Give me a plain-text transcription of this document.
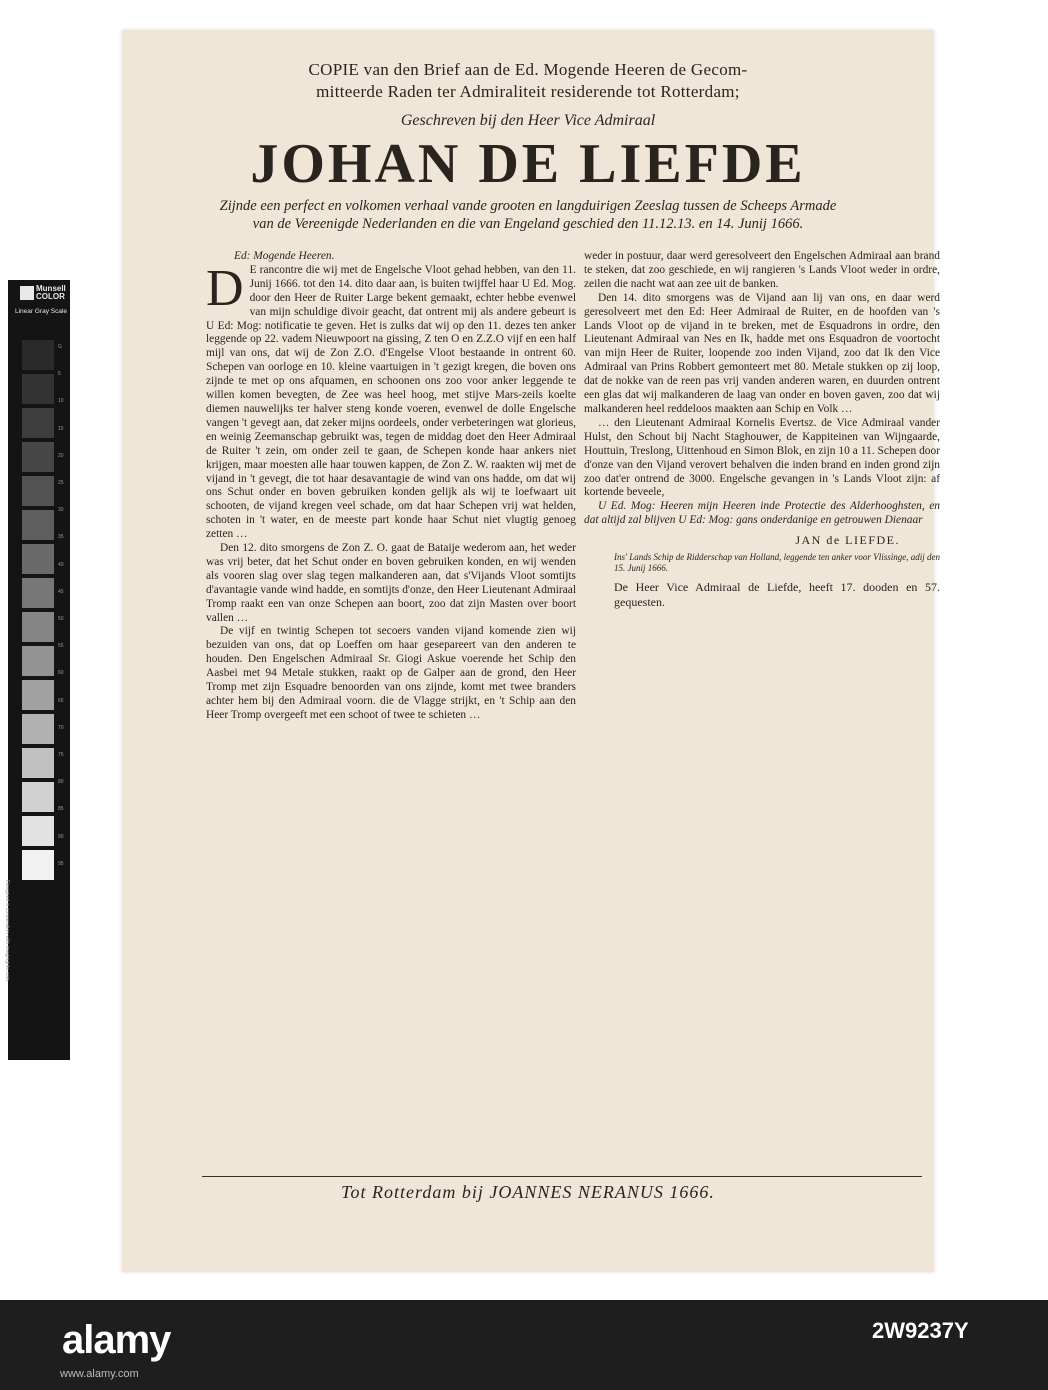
Munsell COLOR
Linear Gray Scale
G
5
10
15
20
25
30
35
40
45
50
55
60
65
70
75
80
85
90
95
Designed in cooperation with imagingrite.com
COPIE van den Brief aan de Ed. Mogende Heeren de Gecom-
mitteerde Raden ter Admiraliteit residerende tot Rotterdam;
Geschreven bij den Heer Vice Admiraal
JOHAN DE LIEFDE
Zijnde een perfect en volkomen verhaal vande grooten en langduirigen Zeeslag tussen de Scheeps Armade
van de Vereenigde Nederlanden en die van Engeland geschied den 11.12.13. en 14. Junij 1666.
Ed: Mogende Heeren.
D E rancontre die wij met de Engelsche Vloot gehad hebben, van den 11. Junij 1666. tot den 14. dito daar aan, is buiten twijffel haar U Ed. Mog. door den Heer de Ruiter Large bekent gemaakt, echter hebbe evenwel van mijn schuldige divoir geacht, dat ontrent mij als andere gebeurt is U Ed: Mog: notificatie te geven. Het is zulks dat wij op den 11. dezes ten anker leggende op 22. vadem Nieuwpoort na gissing, Z ten O en Z.Z.O vijf en een half mijl van ons, dat wij de Zon Z.O. d'Engelse Vloot bestaande in ontrent 60. Schepen van oorloge en 10. kleine vaartuigen in 't gezigt kregen, die boven ons zijnde te met op ons afquamen, en schoonen ons zoo voor anker leggende te willen komen bevegten, de Zee was heel hoog, met stijve Mars-zeils koelte diemen nauwelijks ter halver steng konde voeren, evenwel de dolle Engelsche vangen 't gevegt aan, dat zeker mijns oordeels, onder verbeteringen wat glorieus, en weinig Zeemanschap gebruikt was, tegen de middag doet den Heer Admiraal de Ruiter 't zein, om onder zeil te gaan, de Schepen konde haar ankers niet krijgen, maar moesten alle haar touwen kappen, de Zon Z. W. raakten wij met de vijand in 't gevegt, die tot haar desavantagie de wind van ons hadde, om dat wij ons Schut onder en boven gebruiken konden gelijk als wij te loefwaart uit schooten, de vijand kregen veel schade, om dat haar Schepen vrij wat helden, schoten in 't water, en de meeste part konde haar Schut niet vlugtig genoeg zetten …

Den 12. dito smorgens de Zon Z. O. gaat de Bataije wederom aan, het weder was vrij beter, dat het Schut onder en boven gebruiken konden, en wij wenden als vooren slag over slag tegen malkanderen aan, dat s'Vijands Vloot somtijts d'avantagie vande wind hadde, en somtijts d'onze, den Heer Lieutenant Admiraal Tromp raakt een van onze Schepen aan boort, zoo dat zijn Masten over boort vallen …

De vijf en twintig Schepen tot secoers vanden vijand komende zien wij bezuiden van ons, dat op Loeffen om haar gesepareert van den anderen te houden. Den Engelschen Admiraal Sr. Giogi Askue voerende het Schip den Aasbei met 94 Metale stukken, raakt op de Galper aan de grond, den Heer Tromp met zijn Esquadre benoorden van ons zijnde, komt met twee branders achter hem bij den Admiraal voorn. die de Vlagge strijkt, en 't Schip aan den Heer Tromp overgeeft met een schoot of twee te schieten …

weder in postuur, daar werd geresolveert den Engelschen Admiraal aan brand te steken, dat zoo geschiede, en wij rangieren 's Lands Vloot weder in ordre, zeilen die nacht wat aan zee uit de banken.

Den 14. dito smorgens was de Vijand aan lij van ons, en daar werd geresolveert met den Ed: Heer Admiraal de Ruiter, en de hoofden van 's Lands Vloot op de vijand in te breken, met de Esquadrons in ordre, den Lieutenant Admiraal van Nes en Ik, hadde met ons Esquadron de voortocht van mijn Heer de Ruiter, loopende zoo inden Vijand, zoo dat Ik den Vice Admiraal van Prins Robbert gemonteert met 80. Metale stukken op zij loop, dat de nokke van de reen pas vrij vanden anderen waren, en duurden ontrent een glas dat wij malkanderen de laag van onder en boven gaven, zoo dat wij malkanderen heel reddeloos maakten aan Schip en Volk …

… den Lieutenant Admiraal Kornelis Evertsz. de Vice Admiraal vander Hulst, den Schout bij Nacht Staghouwer, de Kappiteinen van Wijngaarde, Houttuin, Treslong, Uittenhoud en Simon Blok, en zijn 10 a 11. Schepen door d'onze van den Vijand verovert behalven die inden brand en inden grond zijn zoo dat'er ontrend de 3000. Engelsche gevangen in 's Lands Vloot zijn: af kortende beveele,

U Ed. Mog: Heeren mijn Heeren inde Protectie des Alderhooghsten, en dat altijd zal blijven U Ed: Mog: gans onderdanige en getrouwen Dienaar
JAN de LIEFDE.
Ins' Lands Schip de Ridderschap van Holland, leggende ten anker voor Vlissinge, adij den 15. Junij 1666.
De Heer Vice Admiraal de Liefde, heeft 17. dooden en 57. gequesten.
Tot Rotterdam bij JOANNES NERANUS 1666.
alamy	2W9237Y
www.alamy.com
